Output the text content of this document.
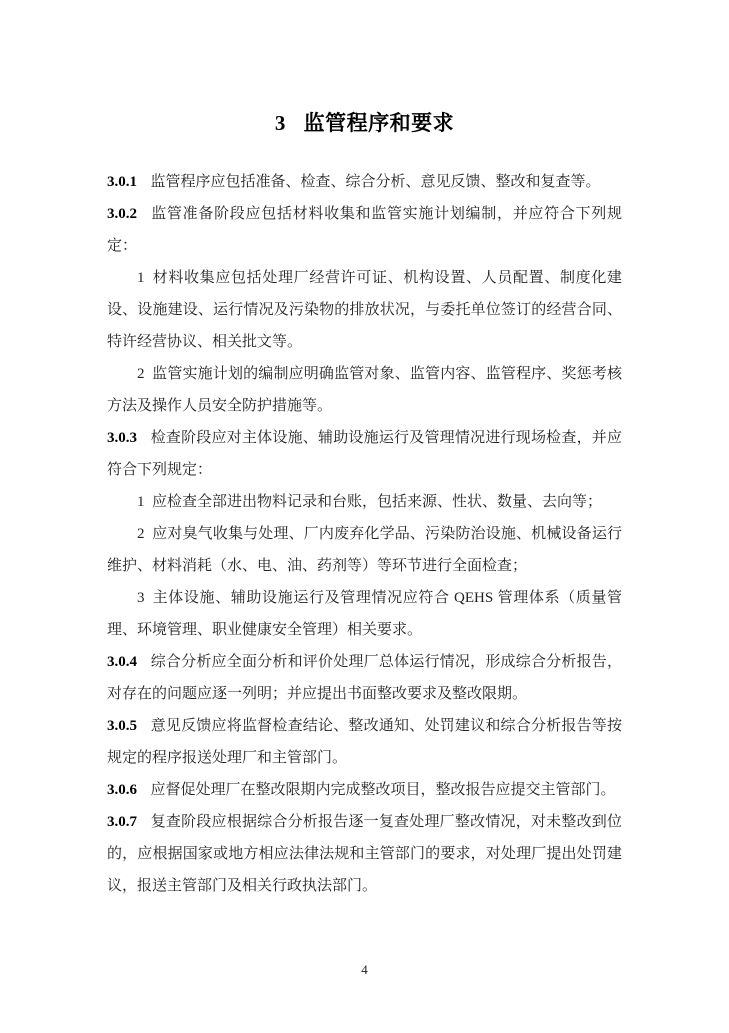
3 监管程序和要求

3.0.1 监管程序应包括准备、检查、综合分析、意见反馈、整改和复查等。

3.0.2 监管准备阶段应包括材料收集和监管实施计划编制，并应符合下列规定：

1 材料收集应包括处理厂经营许可证、机构设置、人员配置、制度化建设、设施建设、运行情况及污染物的排放状况，与委托单位签订的经营合同、特许经营协议、相关批文等。

2 监管实施计划的编制应明确监管对象、监管内容、监管程序、奖惩考核方法及操作人员安全防护措施等。

3.0.3 检查阶段应对主体设施、辅助设施运行及管理情况进行现场检查，并应符合下列规定：

1 应检查全部进出物料记录和台账，包括来源、性状、数量、去向等；

2 应对臭气收集与处理、厂内废弃化学品、污染防治设施、机械设备运行维护、材料消耗（水、电、油、药剂等）等环节进行全面检查；

3 主体设施、辅助设施运行及管理情况应符合 QEHS 管理体系（质量管理、环境管理、职业健康安全管理）相关要求。

3.0.4 综合分析应全面分析和评价处理厂总体运行情况，形成综合分析报告，对存在的问题应逐一列明；并应提出书面整改要求及整改限期。

3.0.5 意见反馈应将监督检查结论、整改通知、处罚建议和综合分析报告等按规定的程序报送处理厂和主管部门。

3.0.6 应督促处理厂在整改限期内完成整改项目，整改报告应提交主管部门。

3.0.7 复查阶段应根据综合分析报告逐一复查处理厂整改情况，对未整改到位的，应根据国家或地方相应法律法规和主管部门的要求，对处理厂提出处罚建议，报送主管部门及相关行政执法部门。

4
